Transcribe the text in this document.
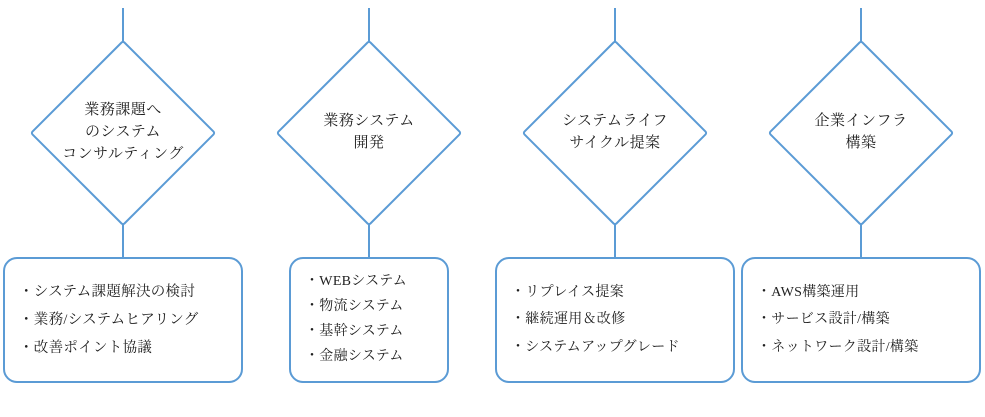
業務課題へ
のシステム
コンサルティング
・システム課題解決の検討
・業務/システムヒアリング
・改善ポイント協議
業務システム
開発
・WEBシステム
・物流システム
・基幹システム
・金融システム
システムライフ
サイクル提案
・リプレイス提案
・継続運用＆改修
・システムアップグレード
企業インフラ
構築
・AWS構築運用
・サービス設計/構築
・ネットワーク設計/構築
